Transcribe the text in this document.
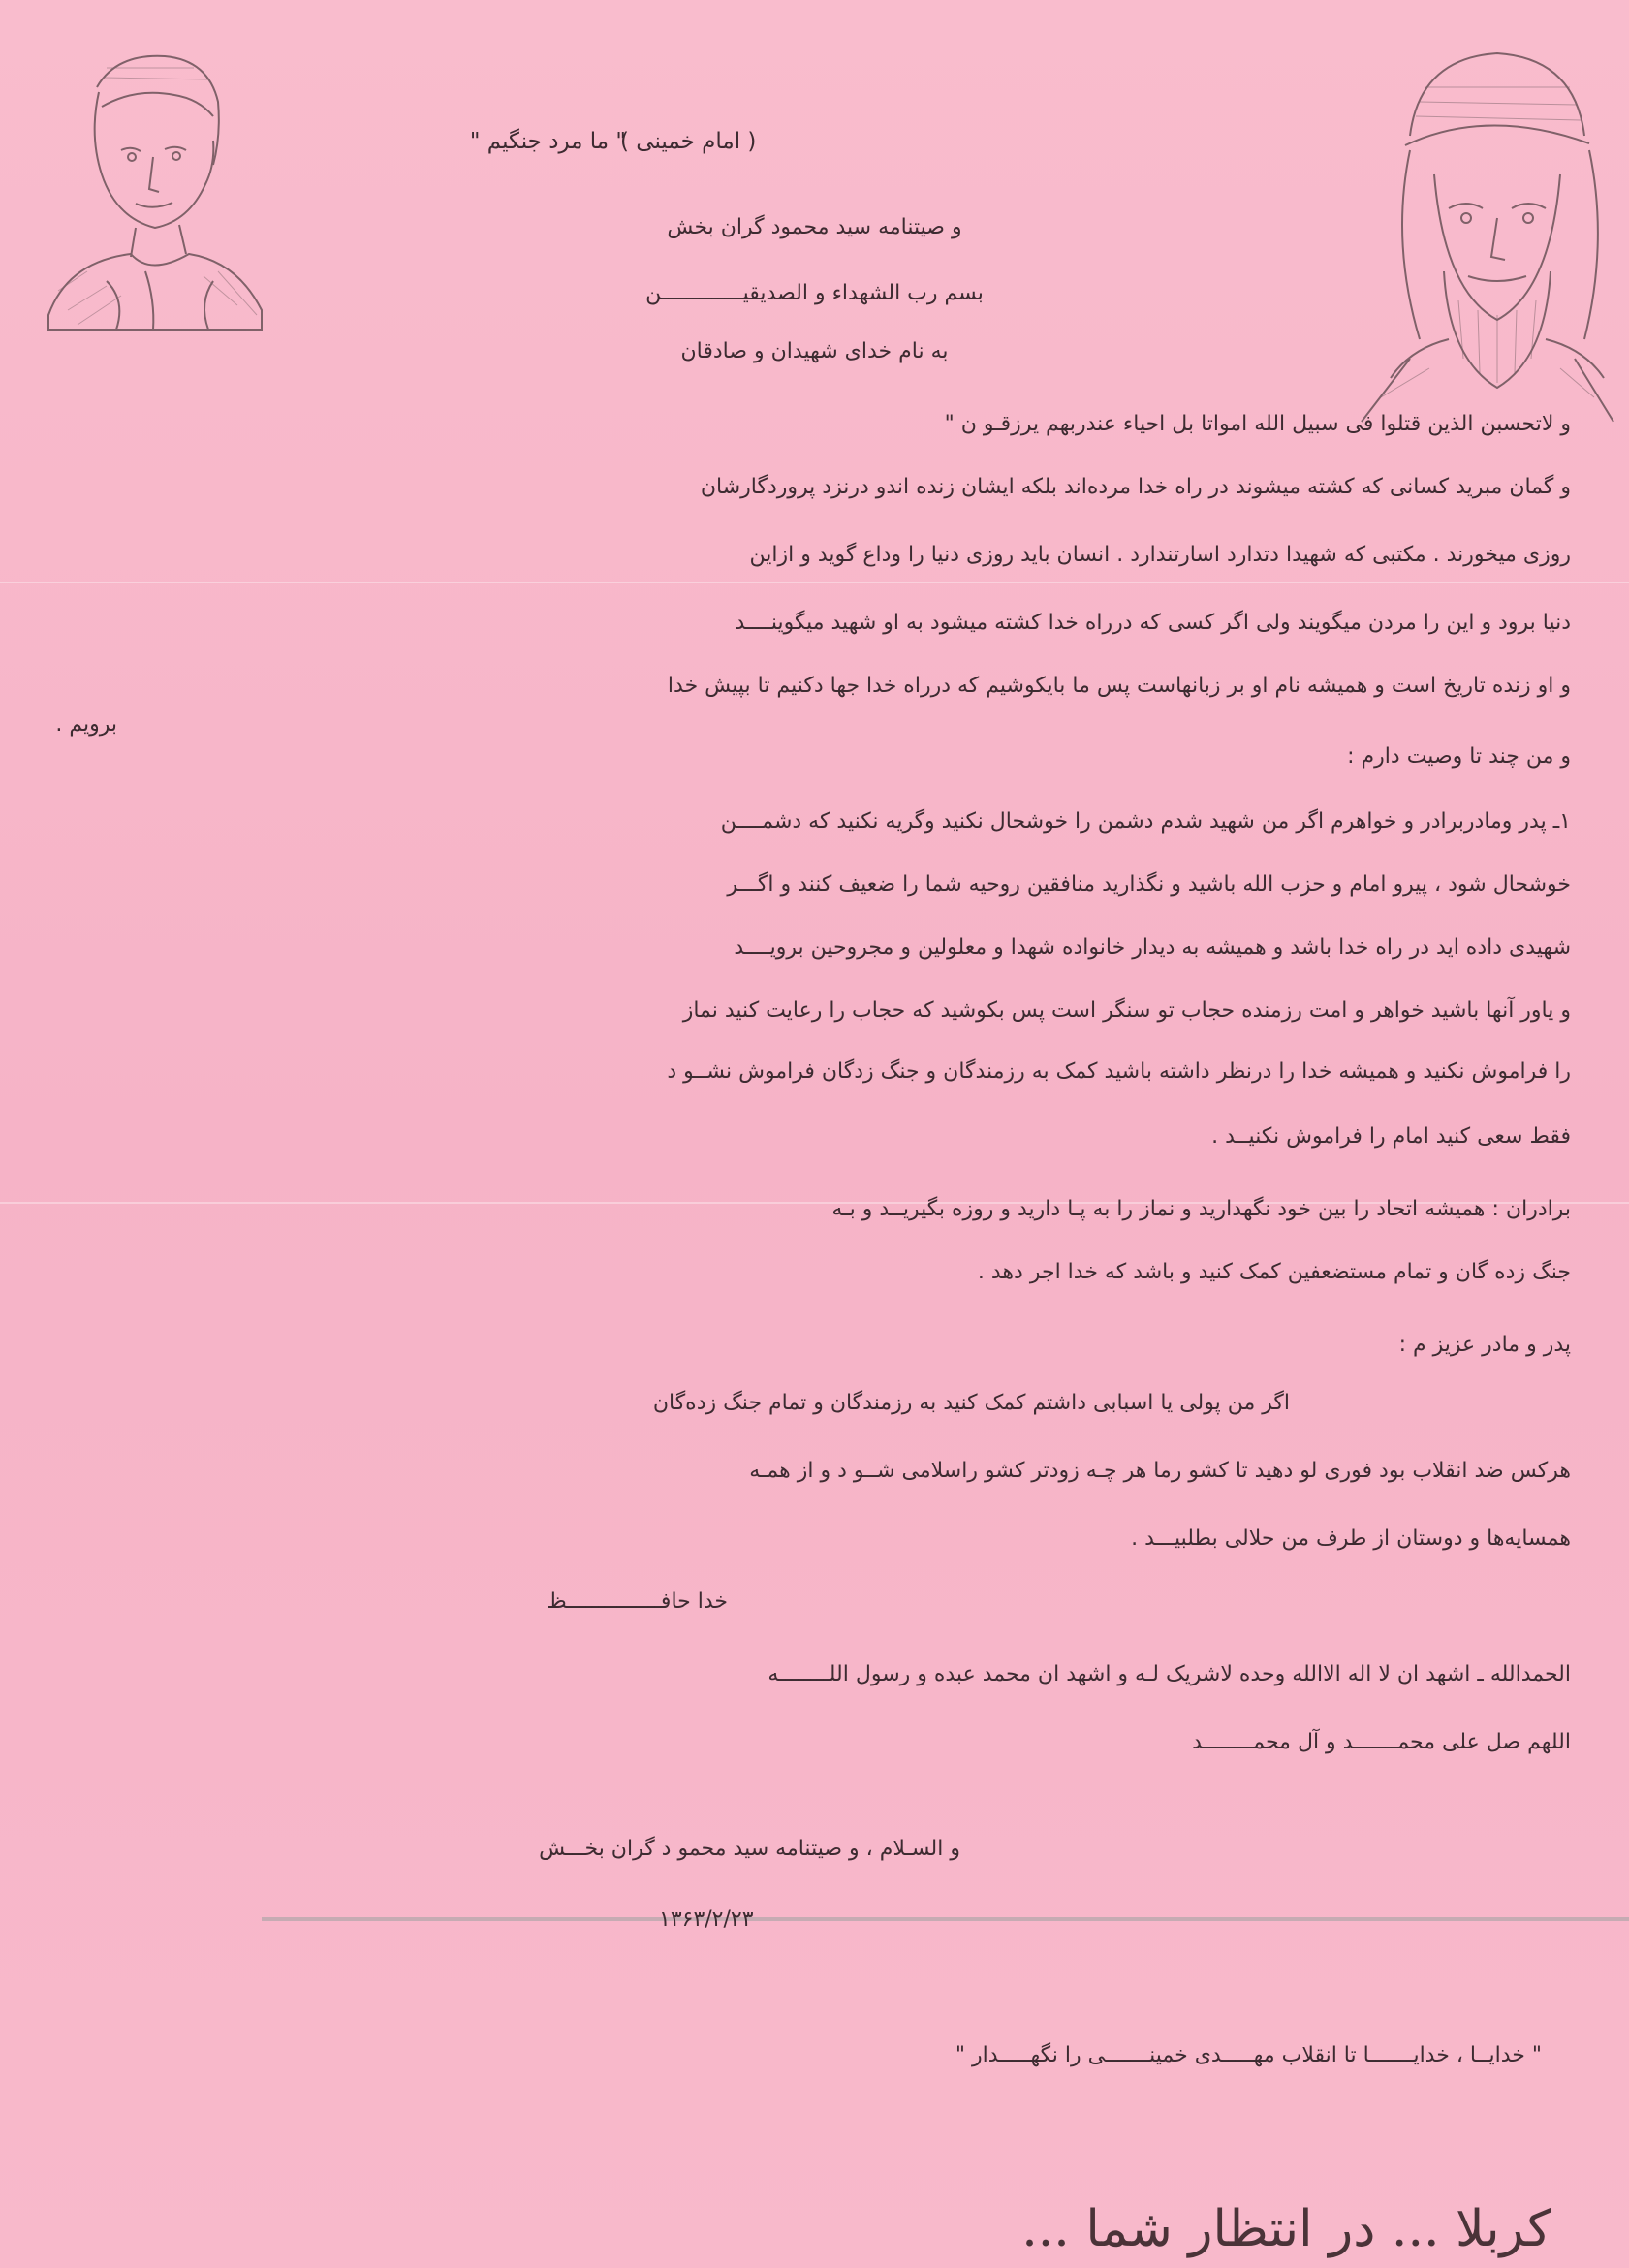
" ما مرد جنگیم "
( امام خمینی )
و صیتنامه سید محمود گران بخش
بسم رب الشهداء و الصدیقیـــــــــــــن
به نام خدای شهیدان و صادقان
و لاتحسبن الذین قتلوا فی سبیل الله امواتا بل احیاء عندربهم یرزقـو ن "
و گمان مبرید کسانی که کشته میشوند در راه خدا مرده‌اند بلکه ایشان زنده اندو درنزد پروردگارشان
روزی میخورند . مکتبی که شهیدا دتدارد اسارتندارد . انسان باید روزی دنیا را وداع گوید و ازاین
دنیا برود و این را مردن میگویند ولی اگر کسی که درراه خدا کشته میشود به او شهید میگوینــــد
و او زنده تاریخ است و همیشه نام او بر زبانهاست پس ما بایکوشیم که درراه خدا جها دکنیم تا بپیش خدا
برویم .
و من چند تا وصیت دارم :
۱ـ پدر ومادربرادر و خواهرم اگر من شهید شدم دشمن را خوشحال نکنید وگریه نکنید که دشمــــن
خوشحال شود ، پیرو امام و حزب الله باشید و نگذارید منافقین روحیه شما را ضعیف کنند و اگـــر
شهیدی داده اید در راه خدا باشد و همیشه به دیدار خانواده شهدا و معلولین و مجروحین برویــــد
و یاور آنها باشید خواهر و امت رزمنده حجاب تو سنگر است پس بکوشید که حجاب را رعایت کنید نماز
را فراموش نکنید و همیشه خدا را درنظر داشته باشید کمک به رزمندگان و جنگ زدگان فراموش نشــو د
فقط سعی کنید امام را فراموش نکنیــد .
برادران : همیشه اتحاد را بین خود نگهدارید و نماز را به پـا دارید و روزه بگیریــد و بـه
جنگ زده گان و تمام مستضعفین کمک کنید و باشد که خدا اجر دهد .
پدر و مادر عزیز م :
اگر من پولی یا اسبابی داشتم کمک کنید به رزمندگان و تمام جنگ زده‌گان
هرکس ضد انقلاب بود فوری لو دهید تا کشو رما هر چـه زودتر کشو راسلامی شــو د و از همـه
همسایه‌ها و دوستان از طرف من حلالی بطلبیـــد .
خدا حافـــــــــــــــظ
الحمدالله ـ اشهد ان لا اله الاالله وحده لاشریک لـه و اشهد ان محمد عبده و رسول اللــــــــه
اللهم صل علی محمـــــــد و آل محمــــــــد
و السـلام ، و صیتنامه سید محمو د گران بخـــش
۱۳۶۳/۲/۲۳
" خدایــا ، خدایـــــــا تا انقلاب مهـــــدی خمینـــــــی را نگهـــــدار "
کربلا ... در انتظار شما ...
